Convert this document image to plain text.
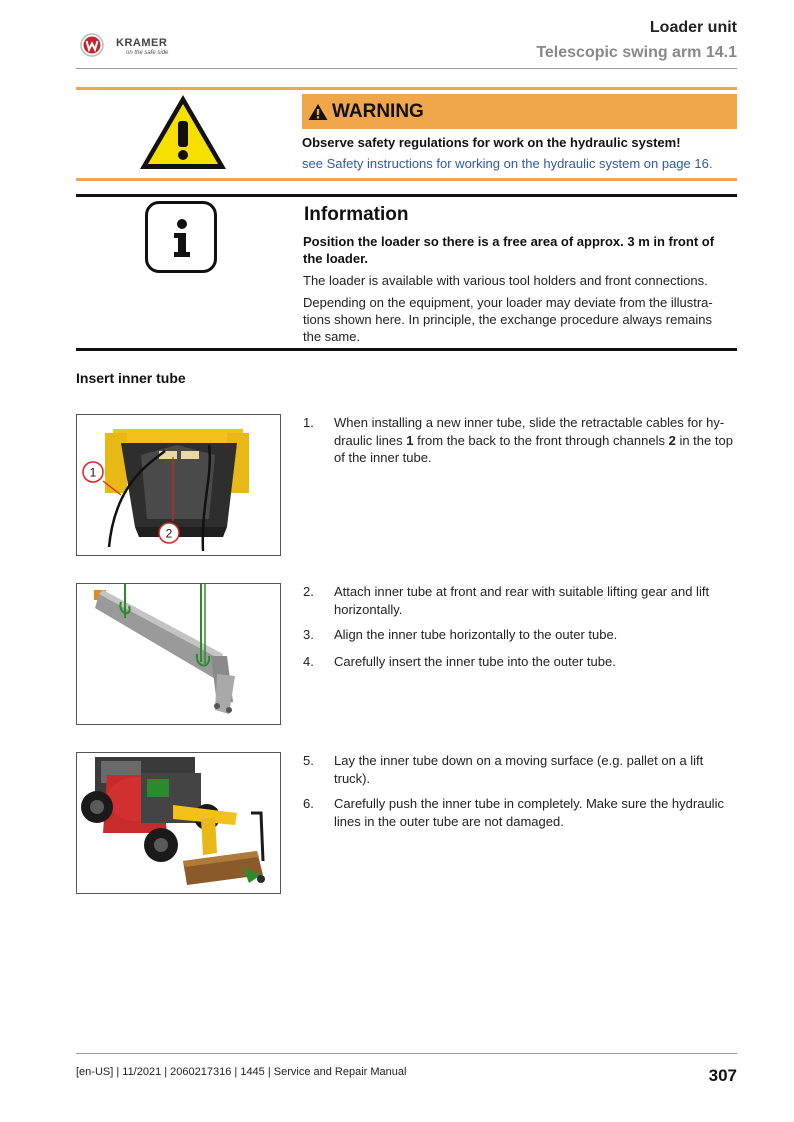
KRAMER
on the safe side
Loader unit
Telescopic swing arm 14.1
WARNING
Observe safety regulations for work on the hydraulic system!
see Safety instructions for working on the hydraulic system on page 16.
Information
Position the loader so there is a free area of approx. 3 m in front of the loader.
The loader is available with various tool holders and front connections.
Depending on the equipment, your loader may deviate from the illustra-tions shown here. In principle, the exchange procedure always remains the same.
Insert inner tube
1
2
1.	When installing a new inner tube, slide the retractable cables for hy-draulic lines 1 from the back to the front through channels 2 in the top of the inner tube.
2.	Attach inner tube at front and rear with suitable lifting gear and lift horizontally.
3.	Align the inner tube horizontally to the outer tube.
4.	Carefully insert the inner tube into the outer tube.
5.	Lay the inner tube down on a moving surface (e.g. pallet on a lift truck).
6.	Carefully push the inner tube in completely. Make sure the hydraulic lines in the outer tube are not damaged.
[en-US] | 11/2021 | 2060217316 | 1445 | Service and Repair Manual	307
